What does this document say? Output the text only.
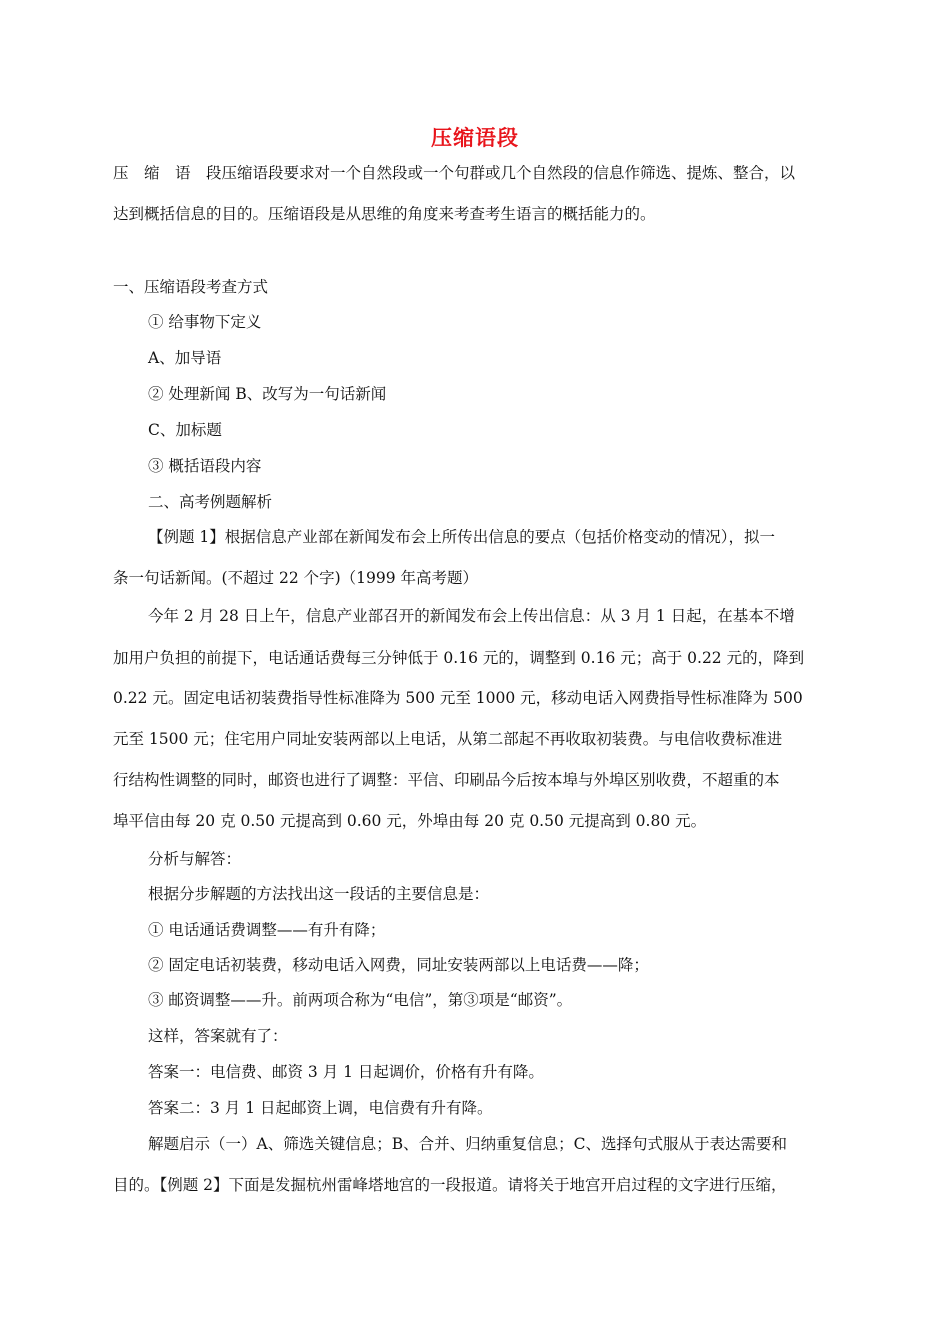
压缩语段
压　缩　语　段压缩语段要求对一个自然段或一个句群或几个自然段的信息作筛选、提炼、整合，以
达到概括信息的目的。压缩语段是从思维的角度来考查考生语言的概括能力的。
一、压缩语段考查方式
① 给事物下定义
A、加导语
② 处理新闻 B、改写为一句话新闻
C、加标题
③ 概括语段内容
二、高考例题解析
【例题 1】根据信息产业部在新闻发布会上所传出信息的要点（包括价格变动的情况），拟一
条一句话新闻。(不超过 22 个字)（1999 年高考题）
今年 2 月 28 日上午，信息产业部召开的新闻发布会上传出信息：从 3 月 1 日起，在基本不增
加用户负担的前提下，电话通话费每三分钟低于 0.16 元的，调整到 0.16 元；高于 0.22 元的，降到
0.22 元。固定电话初装费指导性标准降为 500 元至 1000 元，移动电话入网费指导性标准降为 500
元至 1500 元；住宅用户同址安装两部以上电话，从第二部起不再收取初装费。与电信收费标准进
行结构性调整的同时，邮资也进行了调整：平信、印刷品今后按本埠与外埠区别收费，不超重的本
埠平信由每 20 克 0.50 元提高到 0.60 元，外埠由每 20 克 0.50 元提高到 0.80 元。
分析与解答：
根据分步解题的方法找出这一段话的主要信息是：
① 电话通话费调整——有升有降；
② 固定电话初装费，移动电话入网费，同址安装两部以上电话费——降；
③ 邮资调整——升。前两项合称为“电信”，第③项是“邮资”。
这样，答案就有了：
答案一：电信费、邮资 3 月 1 日起调价，价格有升有降。
答案二：3 月 1 日起邮资上调，电信费有升有降。
解题启示（一）A、筛选关键信息；B、合并、归纳重复信息；C、选择句式服从于表达需要和
目的。【例题 2】下面是发掘杭州雷峰塔地宫的一段报道。请将关于地宫开启过程的文字进行压缩，
